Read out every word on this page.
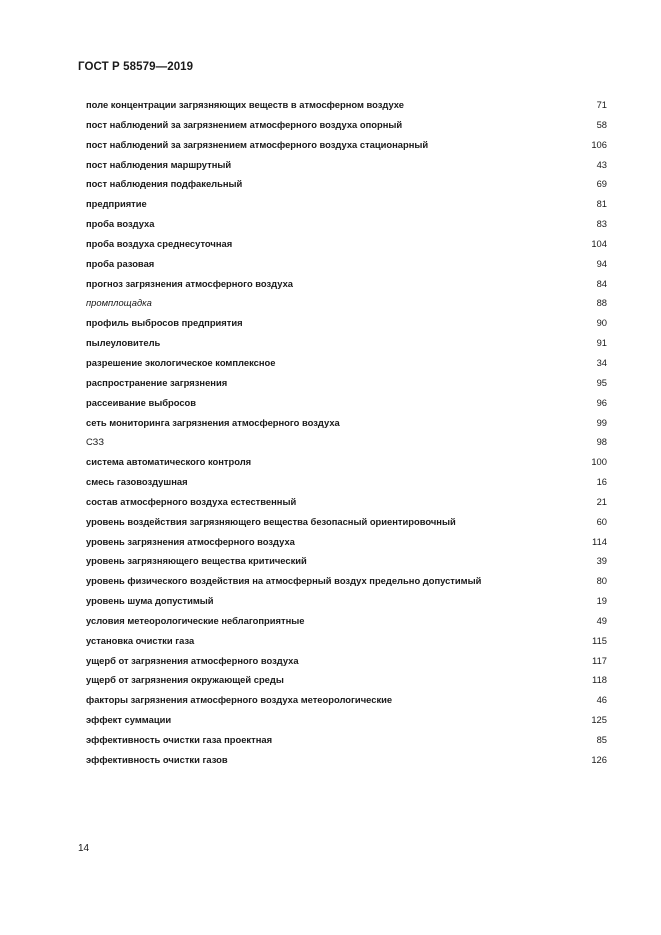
ГОСТ Р 58579—2019
поле концентрации загрязняющих веществ в атмосферном воздухе	71
пост наблюдений за загрязнением атмосферного воздуха опорный	58
пост наблюдений за загрязнением атмосферного воздуха стационарный	106
пост наблюдения маршрутный	43
пост наблюдения подфакельный	69
предприятие	81
проба воздуха	83
проба воздуха среднесуточная	104
проба разовая	94
прогноз загрязнения атмосферного воздуха	84
промплощадка	88
профиль выбросов предприятия	90
пылеуловитель	91
разрешение экологическое комплексное	34
распространение загрязнения	95
рассеивание выбросов	96
сеть мониторинга загрязнения атмосферного воздуха	99
СЗЗ	98
система автоматического контроля	100
смесь газовоздушная	16
состав атмосферного воздуха естественный	21
уровень воздействия загрязняющего вещества безопасный ориентировочный	60
уровень загрязнения атмосферного воздуха	114
уровень загрязняющего вещества критический	39
уровень физического воздействия на атмосферный воздух предельно допустимый	80
уровень шума допустимый	19
условия метеорологические неблагоприятные	49
установка очистки газа	115
ущерб от загрязнения атмосферного воздуха	117
ущерб от загрязнения окружающей среды	118
факторы загрязнения атмосферного воздуха метеорологические	46
эффект суммации	125
эффективность очистки газа проектная	85
эффективность очистки газов	126
14
